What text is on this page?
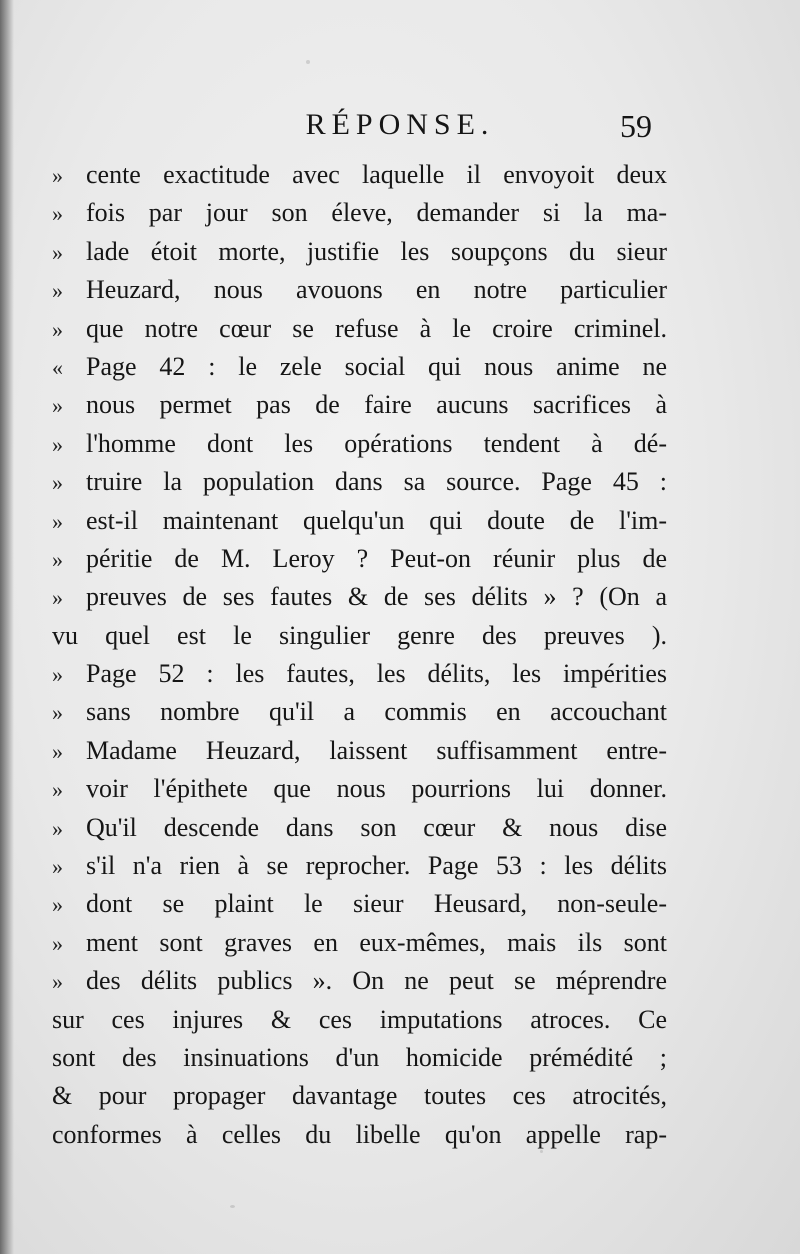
RÉPONSE.	59
» cente exactitude avec laquelle il envoyoit deux
» fois par jour son éleve, demander si la ma-
» lade étoit morte, justifie les soupçons du sieur
» Heuzard, nous avouons en notre particulier
» que notre cœur se refuse à le croire criminel.
« Page 42 : le zele social qui nous anime ne
» nous permet pas de faire aucuns sacrifices à
» l'homme dont les opérations tendent à dé-
» truire la population dans sa source. Page 45 :
» est-il maintenant quelqu'un qui doute de l'im-
» péritie de M. Leroy ? Peut-on réunir plus de
» preuves de ses fautes & de ses délits » ? (On a
vu quel est le singulier genre des preuves ).
» Page 52 : les fautes, les délits, les impérities
» sans nombre qu'il a commis en accouchant
» Madame Heuzard, laissent suffisamment entre-
» voir l'épithete que nous pourrions lui donner.
» Qu'il descende dans son cœur & nous dise
» s'il n'a rien à se reprocher. Page 53 : les délits
» dont se plaint le sieur Heusard, non-seule-
» ment sont graves en eux-mêmes, mais ils sont
» des délits publics ». On ne peut se méprendre
sur ces injures & ces imputations atroces. Ce
sont des insinuations d'un homicide prémédité ;
& pour propager davantage toutes ces atrocités,
conformes à celles du libelle qu'on appelle rap-
